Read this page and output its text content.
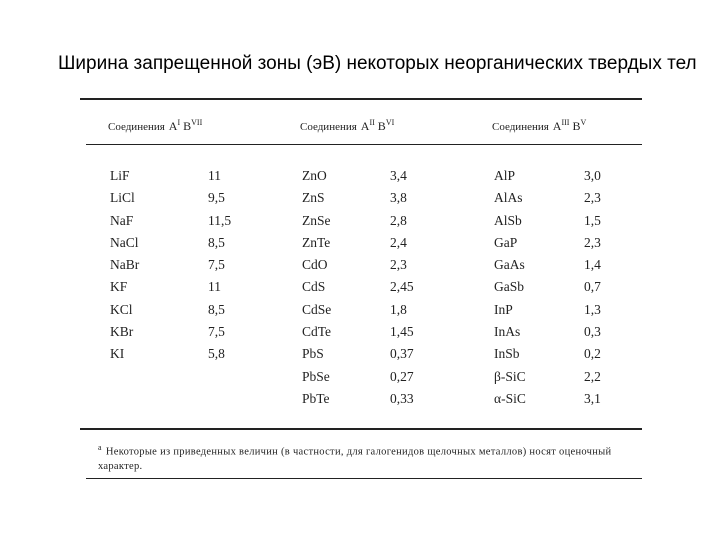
Ширина запрещенной зоны (эВ) некоторых неорганических твердых тел
Соединения $A^I$ $B^{VII}$	Соединения $A^{II}$ $B^{VI}$	Соединения $A^{III}$ $B^V$
LiF
LiCl
NaF
NaCl
NaBr
KF
KCl
KBr
KI
11
9,5
11,5
8,5
7,5
11
8,5
7,5
5,8
ZnO
ZnS
ZnSe
ZnTe
CdO
CdS
CdSe
CdTe
PbS
PbSe
PbTe
3,4
3,8
2,8
2,4
2,3
2,45
1,8
1,45
0,37
0,27
0,33
AlP
AlAs
AlSb
GaP
GaAs
GaSb
InP
InAs
InSb
β-SiC
α-SiC
3,0
2,3
1,5
2,3
1,4
0,7
1,3
0,3
0,2
2,2
3,1
$^а$ Некоторые из приведенных величин (в частности, для галогенидов щелочных металлов) носят оценочный характер.
